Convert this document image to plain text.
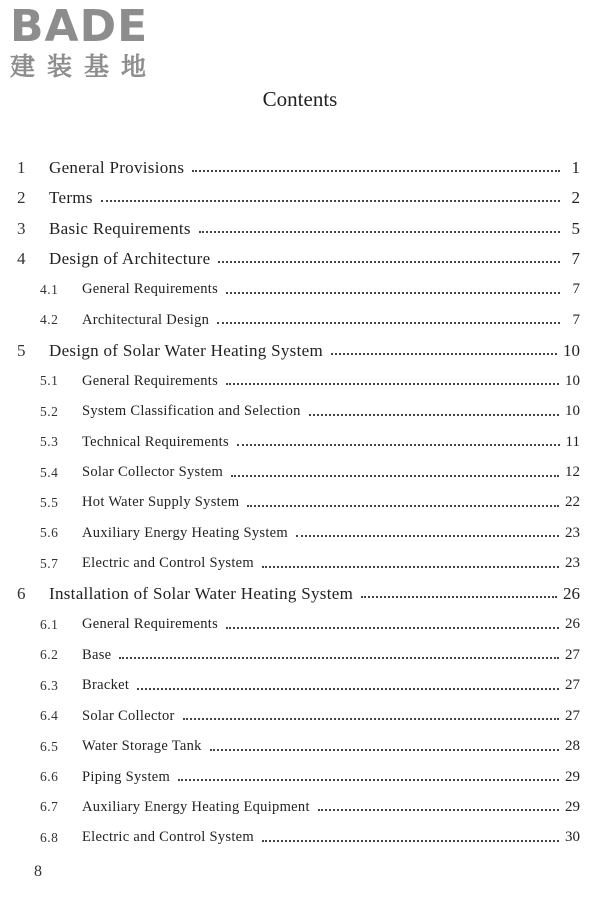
BADE
建装基地
Contents
1	General Provisions	1
2	Terms	2
3	Basic Requirements	5
4	Design of Architecture	7
4.1	General Requirements	7
4.2	Architectural Design	7
5	Design of Solar Water Heating System	10
5.1	General Requirements	10
5.2	System Classification and Selection	10
5.3	Technical Requirements	11
5.4	Solar Collector System	12
5.5	Hot Water Supply System	22
5.6	Auxiliary Energy Heating System	23
5.7	Electric and Control System	23
6	Installation of Solar Water Heating System	26
6.1	General Requirements	26
6.2	Base	27
6.3	Bracket	27
6.4	Solar Collector	27
6.5	Water Storage Tank	28
6.6	Piping System	29
6.7	Auxiliary Energy Heating Equipment	29
6.8	Electric and Control System	30
8
